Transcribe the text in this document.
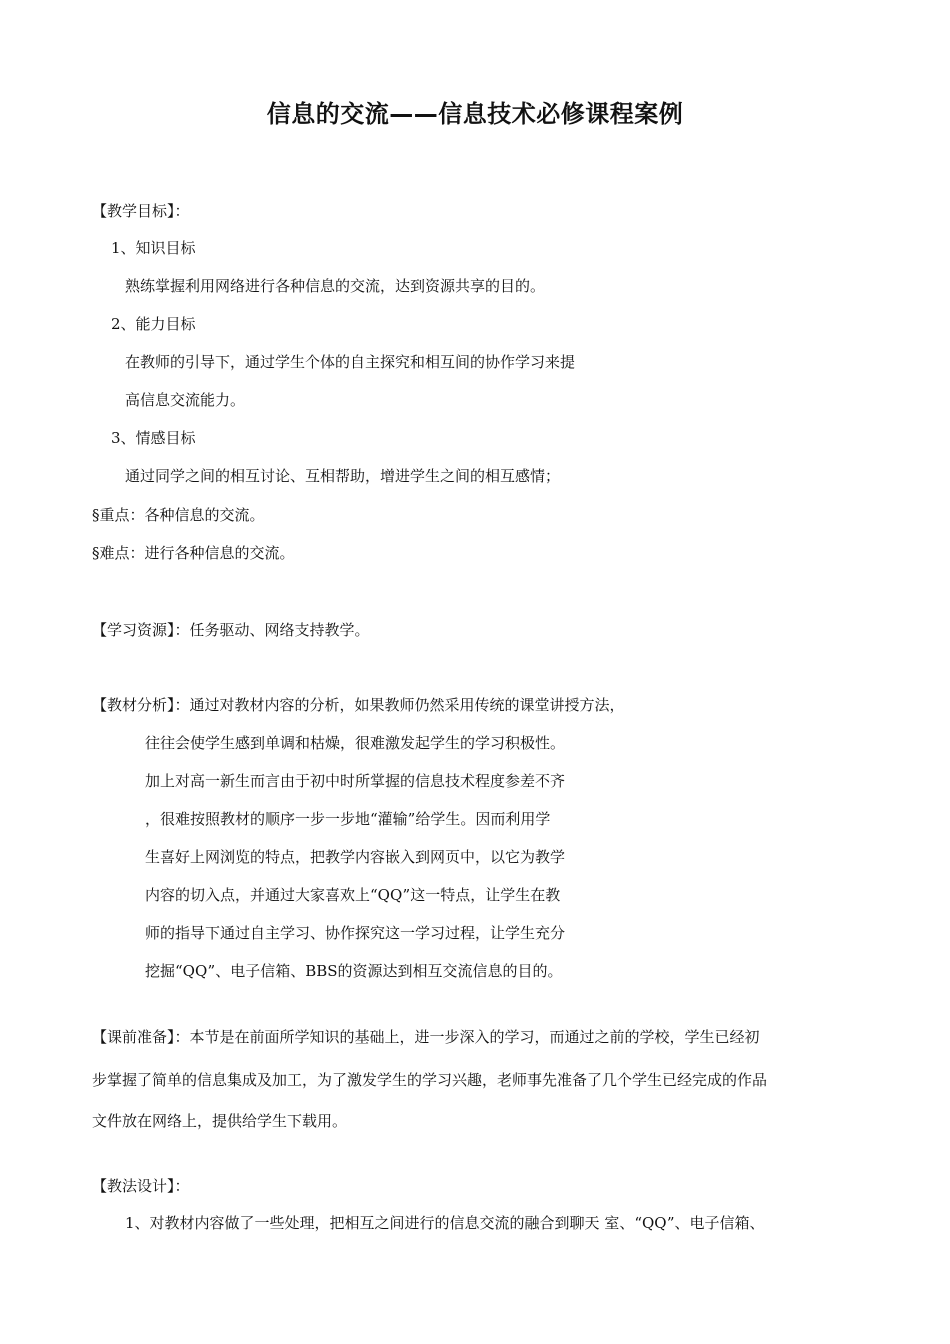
信息的交流——信息技术必修课程案例
【教学目标】：
1、知识目标
熟练掌握利用网络进行各种信息的交流，达到资源共享的目的。
2、能力目标
在教师的引导下，通过学生个体的自主探究和相互间的协作学习来提
高信息交流能力。
3、情感目标
通过同学之间的相互讨论、互相帮助，增进学生之间的相互感情；
§重点：各种信息的交流。
§难点：进行各种信息的交流。
【学习资源】：任务驱动、网络支持教学。
【教材分析】：通过对教材内容的分析，如果教师仍然采用传统的课堂讲授方法，
往往会使学生感到单调和枯燥，很难激发起学生的学习积极性。
加上对高一新生而言由于初中时所掌握的信息技术程度参差不齐
，很难按照教材的顺序一步一步地“灌输”给学生。因而利用学
生喜好上网浏览的特点，把教学内容嵌入到网页中，以它为教学
内容的切入点，并通过大家喜欢上“QQ”这一特点，让学生在教
师的指导下通过自主学习、协作探究这一学习过程，让学生充分
挖掘“QQ”、电子信箱、BBS的资源达到相互交流信息的目的。
【课前准备】：本节是在前面所学知识的基础上，进一步深入的学习，而通过之前的学校，学生已经初
步掌握了简单的信息集成及加工，为了激发学生的学习兴趣，老师事先准备了几个学生已经完成的作品
文件放在网络上，提供给学生下载用。
【教法设计】：
1、对教材内容做了一些处理，把相互之间进行的信息交流的融合到聊天 室、“QQ”、电子信箱、
